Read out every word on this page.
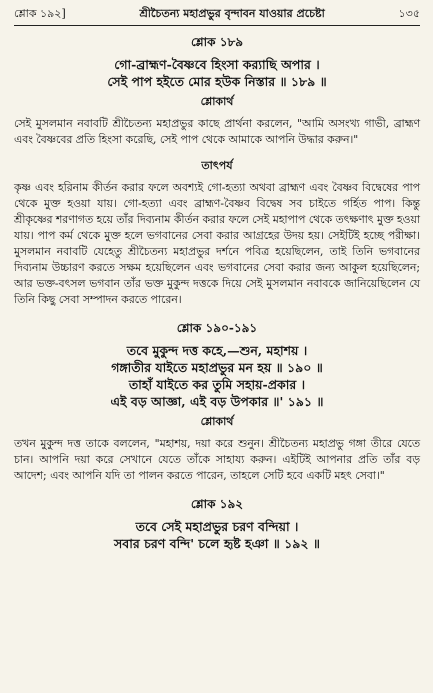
শ্লোক ১৯২]	শ্রীচৈতন্য মহাপ্রভুর বৃন্দাবন যাওয়ার প্রচেষ্টা	১৩৫
শ্লোক ১৮৯
গো-ব্রাহ্মণ-বৈষ্ণবে হিংসা কর‍্যাছি অপার ।
সেই পাপ হইতে মোর হউক নিস্তার ॥ ১৮৯ ॥
শ্লোকার্থ

সেই মুসলমান নবাবটি শ্রীচৈতন্য মহাপ্রভুর কাছে প্রার্থনা করলেন, "আমি অসংখ্য গাভী, ব্রাহ্মণ এবং বৈষ্ণবের প্রতি হিংসা করেছি, সেই পাপ থেকে আমাকে আপনি উদ্ধার করুন।"

তাৎপর্য

কৃষ্ণ এবং হরিনাম কীর্তন করার ফলে অবশ্যই গো-হত্যা অথবা ব্রাহ্মণ এবং বৈষ্ণব বিদ্বেষের পাপ থেকে মুক্ত হওয়া যায়। গো-হত্যা এবং ব্রাহ্মণ-বৈষ্ণব বিদ্বেষ সব চাইতে গর্হিত পাপ। কিন্তু শ্রীকৃষ্ণের শরণাগত হয়ে তাঁর দিব্যনাম কীর্তন করার ফলে সেই মহাপাপ থেকে তৎক্ষণাৎ মুক্ত হওয়া যায়। পাপ কর্ম থেকে মুক্ত হলে ভগবানের সেবা করার আগ্রহের উদয় হয়। সেইটিই হচ্ছে পরীক্ষা। মুসলমান নবাবটি যেহেতু শ্রীচৈতন্য মহাপ্রভুর দর্শনে পবিত্র হয়েছিলেন, তাই তিনি ভগবানের দিব্যনাম উচ্চারণ করতে সক্ষম হয়েছিলেন এবং ভগবানের সেবা করার জন্য আকুল হয়েছিলেন; আর ভক্ত-বৎসল ভগবান তাঁর ভক্ত মুকুন্দ দত্তকে দিয়ে সেই মুসলমান নবাবকে জানিয়েছিলেন যে তিনি কিছু সেবা সম্পাদন করতে পারেন।

শ্লোক ১৯০-১৯১
তবে মুকুন্দ দত্ত কহে,—শুন, মহাশয় ।
গঙ্গাতীর যাইতে মহাপ্রভুর মন হয় ॥ ১৯০ ॥
তাহাঁ যাইতে কর তুমি সহায়-প্রকার ।
এই বড় আজ্ঞা, এই বড় উপকার ॥' ১৯১ ॥
শ্লোকার্থ

তখন মুকুন্দ দত্ত তাকে বললেন, "মহাশয়, দয়া করে শুনুন। শ্রীচৈতন্য মহাপ্রভু গঙ্গা তীরে যেতে চান। আপনি দয়া করে সেখানে যেতে তাঁকে সাহায্য করুন। এইটিই আপনার প্রতি তাঁর বড় আদেশ; এবং আপনি যদি তা পালন করতে পারেন, তাহলে সেটি হবে একটি মহৎ সেবা।"

শ্লোক ১৯২
তবে সেই মহাপ্রভুর চরণ বন্দিয়া ।
সবার চরণ বন্দি' চলে হৃষ্ট হঞা ॥ ১৯২ ॥
